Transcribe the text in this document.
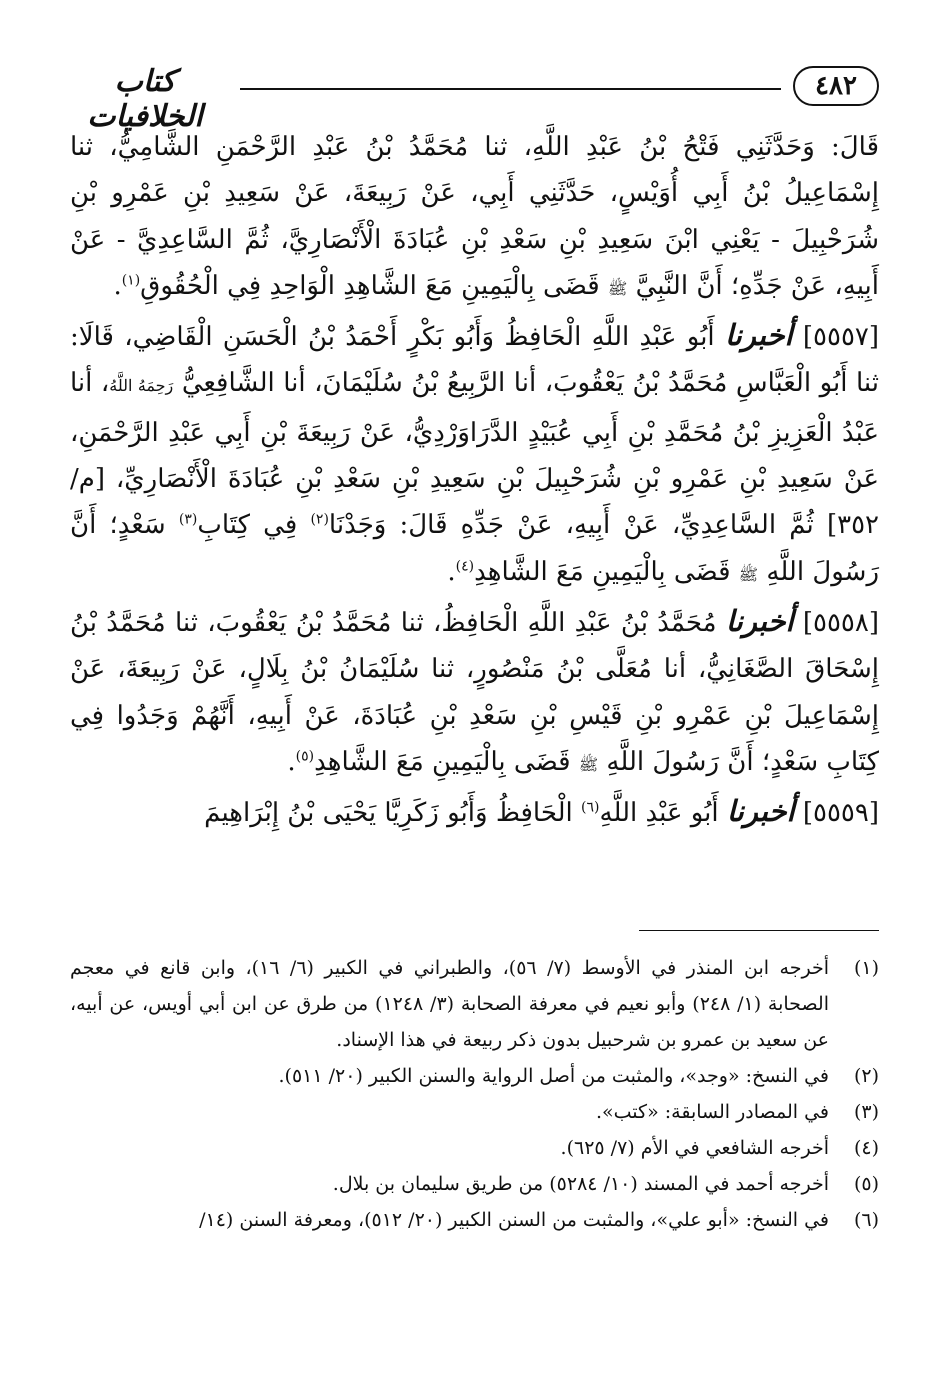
٤٨٢
كتاب الخلافيات

قَالَ: وَحَدَّثَنِي فَتْحُ بْنُ عَبْدِ اللَّهِ، ثنا مُحَمَّدُ بْنُ عَبْدِ الرَّحْمَنِ الشَّامِيُّ، ثنا إِسْمَاعِيلُ بْنُ أَبِي أُوَيْسٍ، حَدَّثَنِي أَبِي، عَنْ رَبِيعَةَ، عَنْ سَعِيدِ بْنِ عَمْرِو بْنِ شُرَحْبِيلَ - يَعْنِي ابْنَ سَعِيدِ بْنِ سَعْدِ بْنِ عُبَادَةَ الْأَنْصَارِيَّ، ثُمَّ السَّاعِدِيَّ - عَنْ أَبِيهِ، عَنْ جَدِّهِ؛ أَنَّ النَّبِيَّ ﷺ قَضَى بِالْيَمِينِ مَعَ الشَّاهِدِ الْوَاحِدِ فِي الْحُقُوقِ$^{(١)}$.

[٥٥٥٧] أخبرنا أَبُو عَبْدِ اللَّهِ الْحَافِظُ وَأَبُو بَكْرٍ أَحْمَدُ بْنُ الْحَسَنِ الْقَاضِي، قَالَا: ثنا أَبُو الْعَبَّاسِ مُحَمَّدُ بْنُ يَعْقُوبَ، أنا الرَّبِيعُ بْنُ سُلَيْمَانَ، أنا الشَّافِعِيُّ رَحِمَهُ اللَّهُ، أنا عَبْدُ الْعَزِيزِ بْنُ مُحَمَّدِ بْنِ أَبِي عُبَيْدٍ الدَّرَاوَرْدِيُّ، عَنْ رَبِيعَةَ بْنِ أَبِي عَبْدِ الرَّحْمَنِ، عَنْ سَعِيدِ بْنِ عَمْرِو بْنِ شُرَحْبِيلَ بْنِ سَعِيدِ بْنِ سَعْدِ بْنِ عُبَادَةَ الْأَنْصَارِيِّ، [م/٣٥٢] ثُمَّ السَّاعِدِيِّ، عَنْ أَبِيهِ، عَنْ جَدِّهِ قَالَ: وَجَدْنَا$^{(٢)}$ فِي كِتَابِ$^{(٣)}$ سَعْدٍ؛ أَنَّ رَسُولَ اللَّهِ ﷺ قَضَى بِالْيَمِينِ مَعَ الشَّاهِدِ$^{(٤)}$.

[٥٥٥٨] أخبرنا مُحَمَّدُ بْنُ عَبْدِ اللَّهِ الْحَافِظُ، ثنا مُحَمَّدُ بْنُ يَعْقُوبَ، ثنا مُحَمَّدُ بْنُ إِسْحَاقَ الصَّغَانِيُّ، أنا مُعَلَّى بْنُ مَنْصُورٍ، ثنا سُلَيْمَانُ بْنُ بِلَالٍ، عَنْ رَبِيعَةَ، عَنْ إِسْمَاعِيلَ بْنِ عَمْرِو بْنِ قَيْسِ بْنِ سَعْدِ بْنِ عُبَادَةَ، عَنْ أَبِيهِ، أَنَّهُمْ وَجَدُوا فِي كِتَابِ سَعْدٍ؛ أَنَّ رَسُولَ اللَّهِ ﷺ قَضَى بِالْيَمِينِ مَعَ الشَّاهِدِ$^{(٥)}$.

[٥٥٥٩] أخبرنا أَبُو عَبْدِ اللَّهِ$^{(٦)}$ الْحَافِظُ وَأَبُو زَكَرِيَّا يَحْيَى بْنُ إِبْرَاهِيمَ

(١)
أخرجه ابن المنذر في الأوسط (٧/ ٥٦)، والطبراني في الكبير (٦/ ١٦)، وابن قانع في معجم الصحابة (١/ ٢٤٨) وأبو نعيم في معرفة الصحابة (٣/ ١٢٤٨) من طرق عن ابن أبي أويس، عن أبيه، عن سعيد بن عمرو بن شرحبيل بدون ذكر ربيعة في هذا الإسناد.
(٢)
في النسخ: «وجد»، والمثبت من أصل الرواية والسنن الكبير (٢٠/ ٥١١).
(٣)
في المصادر السابقة: «كتب».
(٤)
أخرجه الشافعي في الأم (٧/ ٦٢٥).
(٥)
أخرجه أحمد في المسند (١٠/ ٥٢٨٤) من طريق سليمان بن بلال.
(٦)
في النسخ: «أبو علي»، والمثبت من السنن الكبير (٢٠/ ٥١٢)، ومعرفة السنن (١٤/
